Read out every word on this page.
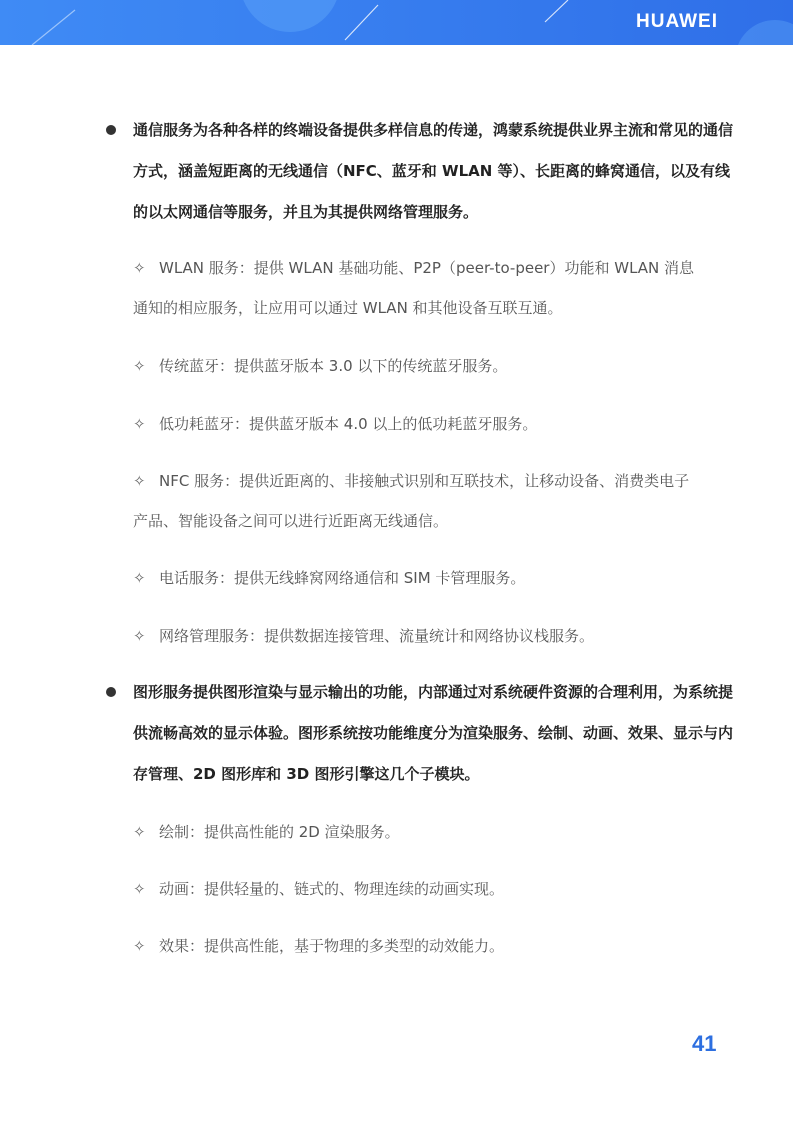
HUAWEI
通信服务为各种各样的终端设备提供多样信息的传递，鸿蒙系统提供业界主流和常见的通信方式，涵盖短距离的无线通信（NFC、蓝牙和 WLAN 等）、长距离的蜂窝通信，以及有线的以太网通信等服务，并且为其提供网络管理服务。
✧ WLAN 服务：提供 WLAN 基础功能、P2P（peer-to-peer）功能和 WLAN 消息通知的相应服务，让应用可以通过 WLAN 和其他设备互联互通。
✧ 传统蓝牙：提供蓝牙版本 3.0 以下的传统蓝牙服务。
✧ 低功耗蓝牙：提供蓝牙版本 4.0 以上的低功耗蓝牙服务。
✧ NFC 服务：提供近距离的、非接触式识别和互联技术，让移动设备、消费类电子产品、智能设备之间可以进行近距离无线通信。
✧ 电话服务：提供无线蜂窝网络通信和 SIM 卡管理服务。
✧ 网络管理服务：提供数据连接管理、流量统计和网络协议栈服务。
图形服务提供图形渲染与显示输出的功能，内部通过对系统硬件资源的合理利用，为系统提供流畅高效的显示体验。图形系统按功能维度分为渲染服务、绘制、动画、效果、显示与内存管理、2D 图形库和 3D 图形引擎这几个子模块。
✧ 绘制：提供高性能的 2D 渲染服务。
✧ 动画：提供轻量的、链式的、物理连续的动画实现。
✧ 效果：提供高性能，基于物理的多类型的动效能力。
41
